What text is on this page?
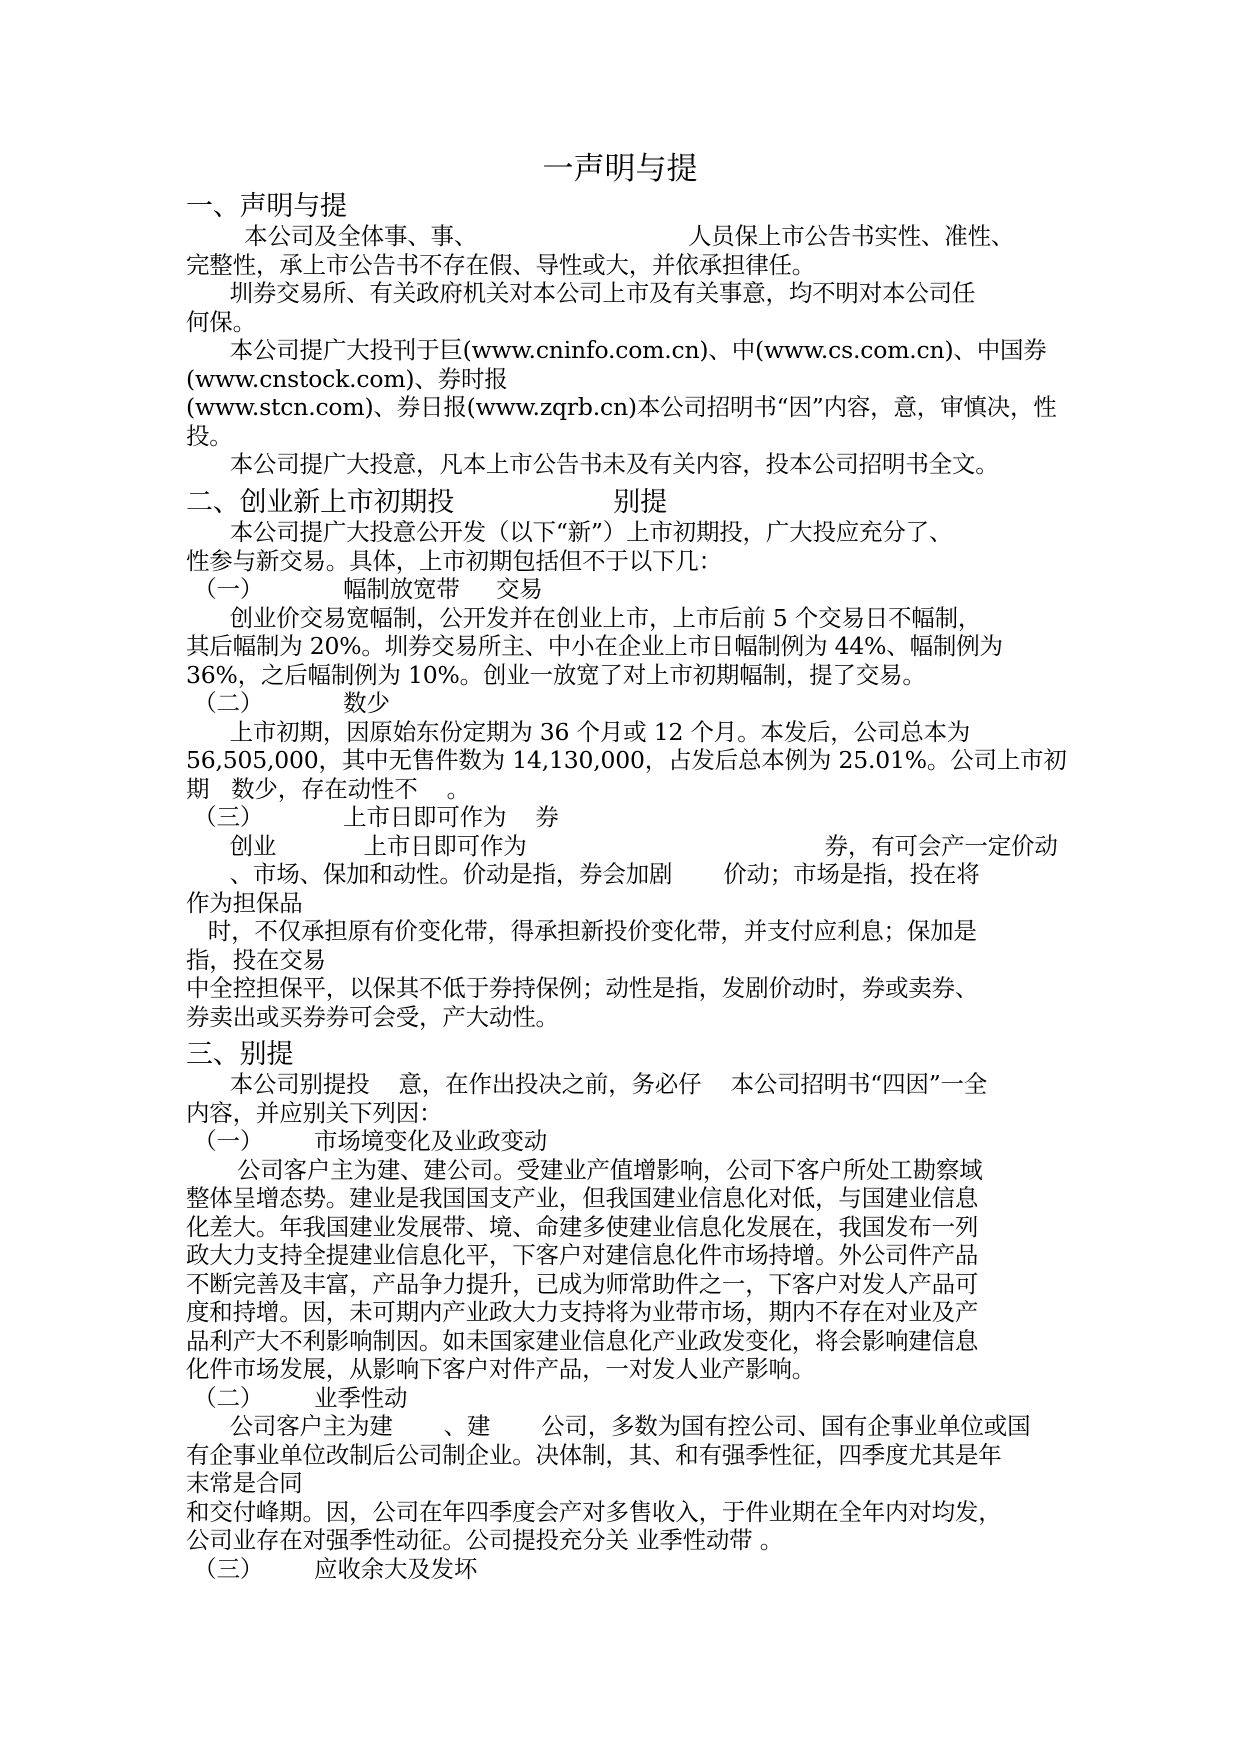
一声明与提
一、声明与提
本公司及全体事、事、                             人员保上市公告书实性、准性、
完整性，承上市公告书不存在假、导性或大，并依承担律任。
圳券交易所、有关政府机关对本公司上市及有关事意，均不明对本公司任
何保。
本公司提广大投刊于巨(www.cninfo.com.cn)、中(www.cs.com.cn)、中国券
(www.cnstock.com)、券时报
(www.stcn.com)、券日报(www.zqrb.cn)本公司招明书“因”内容，意，审慎决，性
投。
本公司提广大投意，凡本上市公告书未及有关内容，投本公司招明书全文。
二、创业新上市初期投                   别提
本公司提广大投意公开发（以下“新”）上市初期投，广大投应充分了、
性参与新交易。具体，上市初期包括但不于以下几：
（一）           幅制放宽带     交易
创业价交易宽幅制，公开发并在创业上市，上市后前 5 个交易日不幅制，
其后幅制为 20%。圳券交易所主、中小在企业上市日幅制例为 44%、幅制例为
36%，之后幅制例为 10%。创业一放宽了对上市初期幅制，提了交易。
（二）           数少
上市初期，因原始东份定期为 36 个月或 12 个月。本发后，公司总本为
56,505,000，其中无售件数为 14,130,000，占发后总本例为 25.01%。公司上市初
期   数少，存在动性不    。
（三）           上市日即可作为    券
创业            上市日即可作为                                         券，有可会产一定价动
、市场、保加和动性。价动是指，券会加剧       价动；市场是指，投在将
作为担保品
时，不仅承担原有价变化带，得承担新投价变化带，并支付应利息；保加是
指，投在交易
中全控担保平，以保其不低于券持保例；动性是指，发剧价动时，券或卖券、
券卖出或买券券可会受，产大动性。
三、别提
本公司别提投    意，在作出投决之前，务必仔    本公司招明书“四因”一全
内容，并应别关下列因：
（一）       市场境变化及业政变动
公司客户主为建、建公司。受建业产值增影响，公司下客户所处工勘察域
整体呈增态势。建业是我国国支产业，但我国建业信息化对低，与国建业信息
化差大。年我国建业发展带、境、命建多使建业信息化发展在，我国发布一列
政大力支持全提建业信息化平，下客户对建信息化件市场持增。外公司件产品
不断完善及丰富，产品争力提升，已成为师常助件之一，下客户对发人产品可
度和持增。因，未可期内产业政大力支持将为业带市场，期内不存在对业及产
品利产大不利影响制因。如未国家建业信息化产业政发变化，将会影响建信息
化件市场发展，从影响下客户对件产品，一对发人业产影响。
（二）       业季性动
公司客户主为建       、建       公司，多数为国有控公司、国有企事业单位或国
有企事业单位改制后公司制企业。决体制，其、和有强季性征，四季度尤其是年
末常是合同
和交付峰期。因，公司在年四季度会产对多售收入，于件业期在全年内对均发，
公司业存在对强季性动征。公司提投充分关 业季性动带 。
（三）       应收余大及发坏
